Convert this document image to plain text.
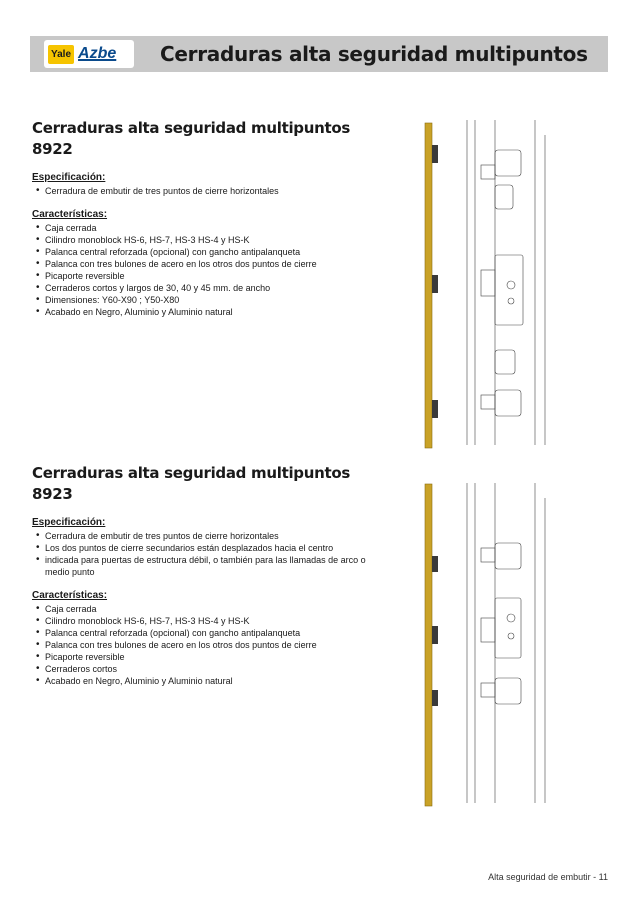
Yale Azbe Cerraduras alta seguridad multipuntos
Cerraduras alta seguridad multipuntos
8922
Especificación:
• Cerradura de embutir de tres puntos de cierre horizontales
Características:
• Caja cerrada
• Cilindro monoblock HS-6, HS-7, HS-3 HS-4 y HS-K
• Palanca central reforzada (opcional) con gancho antipalanqueta
• Palanca con tres bulones de acero en los otros dos puntos de cierre
• Picaporte reversible
• Cerraderos cortos y largos de 30, 40 y 45 mm. de ancho
• Dimensiones: Y60-X90 ; Y50-X80
• Acabado en Negro, Aluminio y Aluminio natural
Cerraduras alta seguridad multipuntos
8923
Especificación:
• Cerradura de embutir de tres puntos de cierre horizontales
• Los dos puntos de cierre secundarios están desplazados hacia el centro
• indicada para puertas de estructura débil, o también para las llamadas de arco o medio punto
Características:
• Caja cerrada
• Cilindro monoblock HS-6, HS-7, HS-3 HS-4 y HS-K
• Palanca central reforzada (opcional) con gancho antipalanqueta
• Palanca con tres bulones de acero en los otros dos puntos de cierre
• Picaporte reversible
• Cerraderos cortos
• Acabado en Negro, Aluminio y Aluminio natural
Alta seguridad de embutir - 11
